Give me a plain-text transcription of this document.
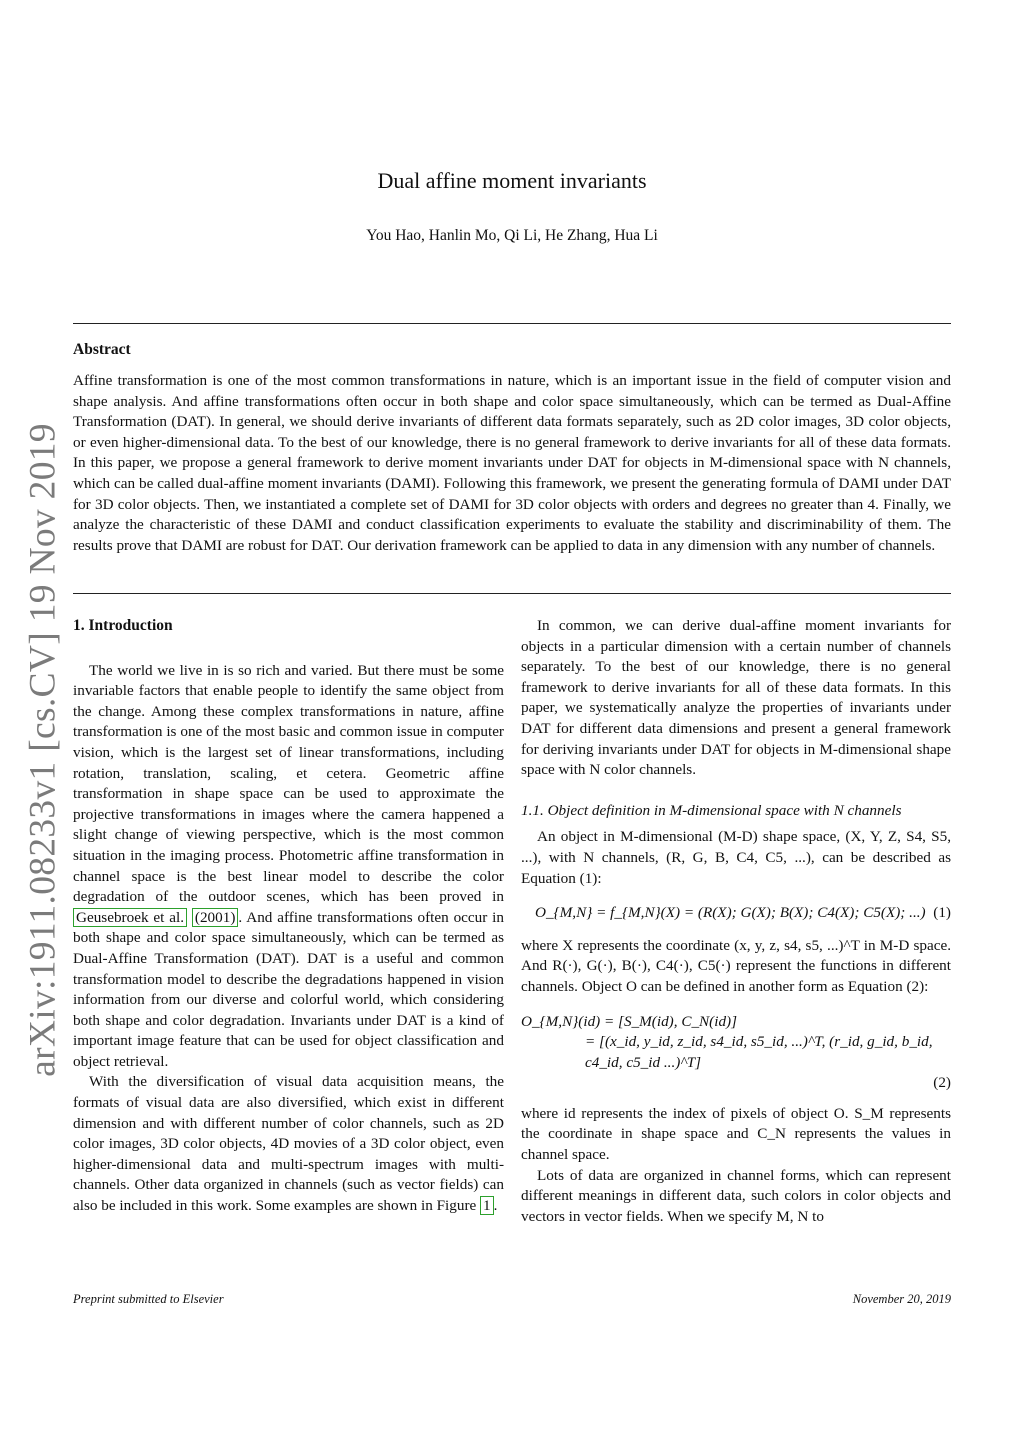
arXiv:1911.08233v1 [cs.CV] 19 Nov 2019
Dual affine moment invariants
You Hao, Hanlin Mo, Qi Li, He Zhang, Hua Li
Abstract
Affine transformation is one of the most common transformations in nature, which is an important issue in the field of computer vision and shape analysis. And affine transformations often occur in both shape and color space simultaneously, which can be termed as Dual-Affine Transformation (DAT). In general, we should derive invariants of different data formats separately, such as 2D color images, 3D color objects, or even higher-dimensional data. To the best of our knowledge, there is no general framework to derive invariants for all of these data formats. In this paper, we propose a general framework to derive moment invariants under DAT for objects in M-dimensional space with N channels, which can be called dual-affine moment invariants (DAMI). Following this framework, we present the generating formula of DAMI under DAT for 3D color objects. Then, we instantiated a complete set of DAMI for 3D color objects with orders and degrees no greater than 4. Finally, we analyze the characteristic of these DAMI and conduct classification experiments to evaluate the stability and discriminability of them. The results prove that DAMI are robust for DAT. Our derivation framework can be applied to data in any dimension with any number of channels.
1. Introduction

The world we live in is so rich and varied. But there must be some invariable factors that enable people to identify the same object from the change. Among these complex transformations in nature, affine transformation is one of the most basic and common issue in computer vision, which is the largest set of linear transformations, including rotation, translation, scaling, et cetera. Geometric affine transformation in shape space can be used to approximate the projective transformations in images where the camera happened a slight change of viewing perspective, which is the most common situation in the imaging process. Photometric affine transformation in channel space is the best linear model to describe the color degradation of the outdoor scenes, which has been proved in Geusebroek et al. (2001) . And affine transformations often occur in both shape and color space simultaneously, which can be termed as Dual-Affine Transformation (DAT). DAT is a useful and common transformation model to describe the degradations happened in vision information from our diverse and colorful world, which considering both shape and color degradation. Invariants under DAT is a kind of important image feature that can be used for object classification and object retrieval.

With the diversification of visual data acquisition means, the formats of visual data are also diversified, which exist in different dimension and with different number of color channels, such as 2D color images, 3D color objects, 4D movies of a 3D color object, even higher-dimensional data and multi-spectrum images with multi-channels. Other data organized in channels (such as vector fields) can also be included in this work. Some examples are shown in Figure 1 .

In common, we can derive dual-affine moment invariants for objects in a particular dimension with a certain number of channels separately. To the best of our knowledge, there is no general framework to derive invariants for all of these data formats. In this paper, we systematically analyze the properties of invariants under DAT for different data dimensions and present a general framework for deriving invariants under DAT for objects in M-dimensional shape space with N color channels.

1.1. Object definition in M-dimensional space with N channels

An object in M-dimensional (M-D) shape space, (X, Y, Z, S4, S5, ...), with N channels, (R, G, B, C4, C5, ...), can be described as Equation (1):

O_{M,N} = f_{M,N}(X) = (R(X); G(X); B(X); C4(X); C5(X); ...) (1)

where X represents the coordinate (x, y, z, s4, s5, ...)^T in M-D space. And R(·), G(·), B(·), C4(·), C5(·) represent the functions in different channels. Object O can be defined in another form as Equation (2):

O_{M,N}(id) = [S_M(id), C_N(id)]
= [(x_id, y_id, z_id, s4_id, s5_id, ...)^T, (r_id, g_id, b_id, c4_id, c5_id ...)^T]
(2)

where id represents the index of pixels of object O. S_M represents the coordinate in shape space and C_N represents the values in channel space.

Lots of data are organized in channel forms, which can represent different meanings in different data, such colors in color objects and vectors in vector fields. When we specify M, N to

Preprint submitted to Elsevier	November 20, 2019
